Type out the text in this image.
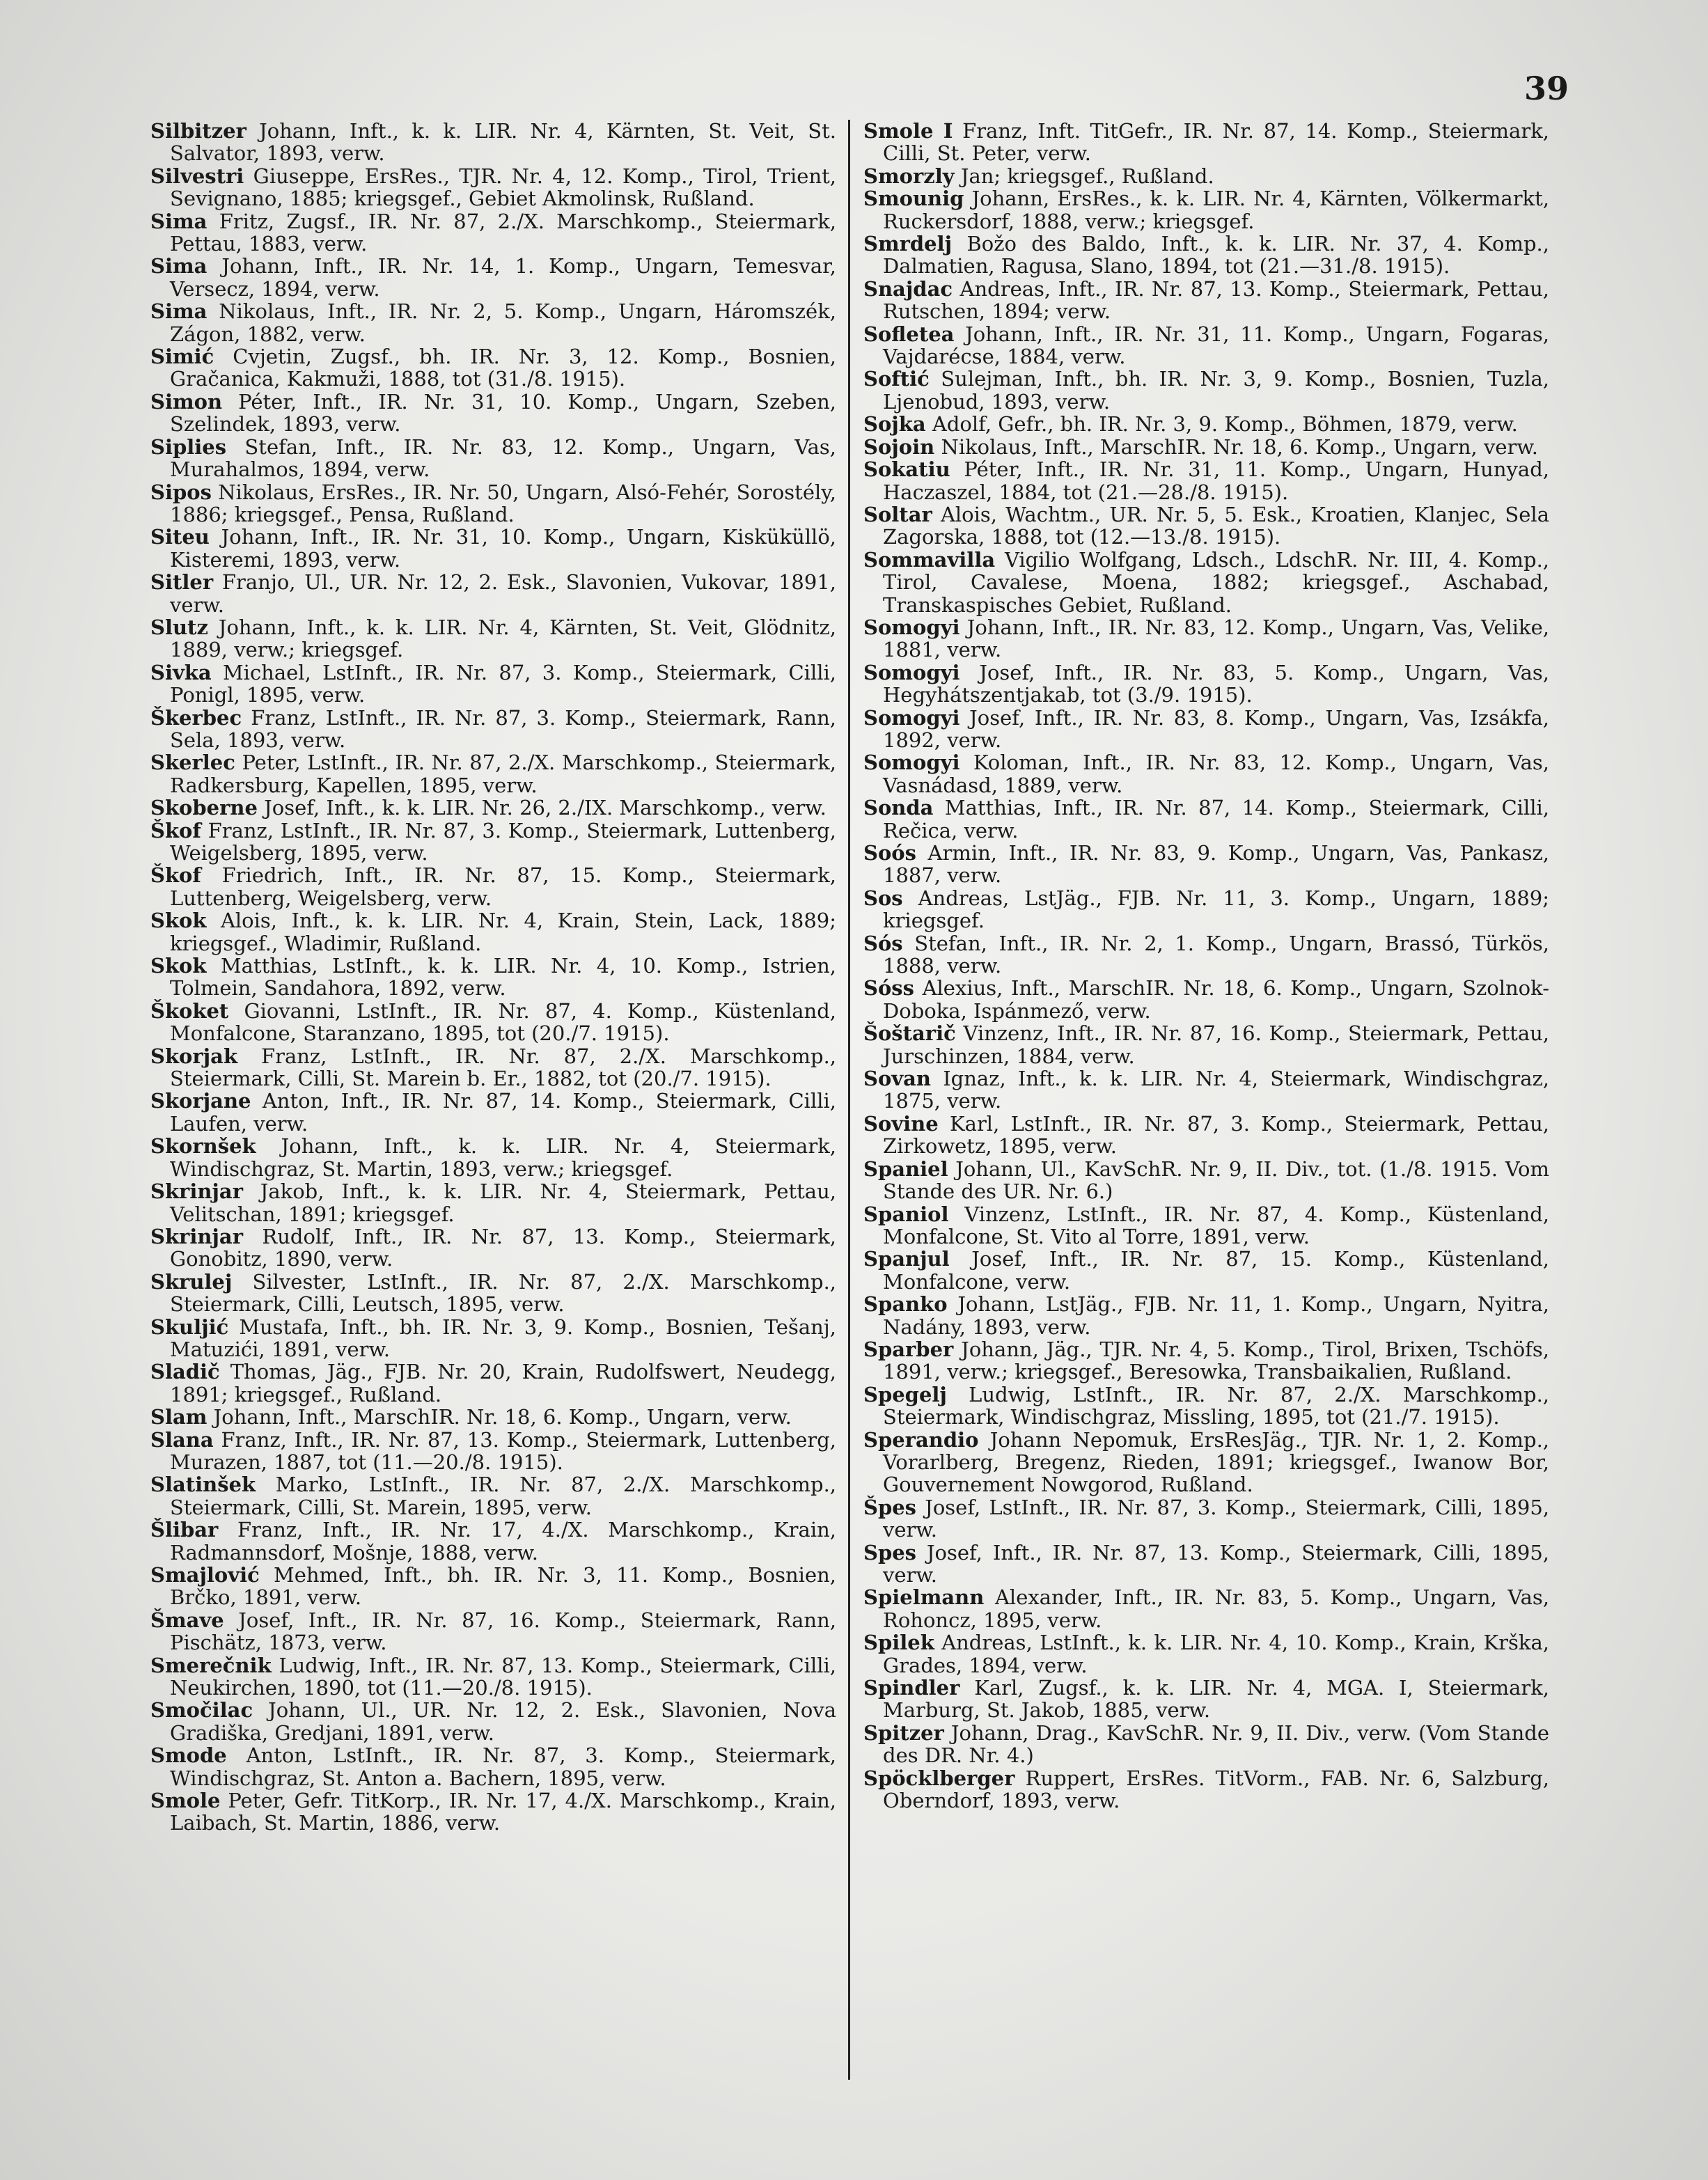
39

Silbitzer Johann, Inft., k. k. LIR. Nr. 4, Kärnten, St. Veit, St. Salvator, 1893, verw.
Silvestri Giuseppe, ErsRes., TJR. Nr. 4, 12. Komp., Tirol, Trient, Sevignano, 1885; kriegsgef., Gebiet Akmolinsk, Rußland.
Sima Fritz, Zugsf., IR. Nr. 87, 2./X. Marschkomp., Steiermark, Pettau, 1883, verw.
Sima Johann, Inft., IR. Nr. 14, 1. Komp., Ungarn, Temesvar, Versecz, 1894, verw.
Sima Nikolaus, Inft., IR. Nr. 2, 5. Komp., Ungarn, Háromszék, Zágon, 1882, verw.
Simić Cvjetin, Zugsf., bh. IR. Nr. 3, 12. Komp., Bosnien, Gračanica, Kakmuži, 1888, tot (31./8. 1915).
Simon Péter, Inft., IR. Nr. 31, 10. Komp., Ungarn, Szeben, Szelindek, 1893, verw.
Siplies Stefan, Inft., IR. Nr. 83, 12. Komp., Ungarn, Vas, Murahalmos, 1894, verw.
Sipos Nikolaus, ErsRes., IR. Nr. 50, Ungarn, Alsó-Fehér, Sorostély, 1886; kriegsgef., Pensa, Rußland.
Siteu Johann, Inft., IR. Nr. 31, 10. Komp., Ungarn, Kisküküllö, Kisteremi, 1893, verw.
Sitler Franjo, Ul., UR. Nr. 12, 2. Esk., Slavonien, Vukovar, 1891, verw.
Slutz Johann, Inft., k. k. LIR. Nr. 4, Kärnten, St. Veit, Glödnitz, 1889, verw.; kriegsgef.
Sivka Michael, LstInft., IR. Nr. 87, 3. Komp., Steiermark, Cilli, Ponigl, 1895, verw.
Škerbec Franz, LstInft., IR. Nr. 87, 3. Komp., Steiermark, Rann, Sela, 1893, verw.
Skerlec Peter, LstInft., IR. Nr. 87, 2./X. Marschkomp., Steiermark, Radkersburg, Kapellen, 1895, verw.
Skoberne Josef, Inft., k. k. LIR. Nr. 26, 2./IX. Marschkomp., verw.
Škof Franz, LstInft., IR. Nr. 87, 3. Komp., Steiermark, Luttenberg, Weigelsberg, 1895, verw.
Škof Friedrich, Inft., IR. Nr. 87, 15. Komp., Steiermark, Luttenberg, Weigelsberg, verw.
Skok Alois, Inft., k. k. LIR. Nr. 4, Krain, Stein, Lack, 1889; kriegsgef., Wladimir, Rußland.
Skok Matthias, LstInft., k. k. LIR. Nr. 4, 10. Komp., Istrien, Tolmein, Sandahora, 1892, verw.
Škoket Giovanni, LstInft., IR. Nr. 87, 4. Komp., Küstenland, Monfalcone, Staranzano, 1895, tot (20./7. 1915).
Skorjak Franz, LstInft., IR. Nr. 87, 2./X. Marschkomp., Steiermark, Cilli, St. Marein b. Er., 1882, tot (20./7. 1915).
Skorjane Anton, Inft., IR. Nr. 87, 14. Komp., Steiermark, Cilli, Laufen, verw.
Skornšek Johann, Inft., k. k. LIR. Nr. 4, Steiermark, Windischgraz, St. Martin, 1893, verw.; kriegsgef.
Skrinjar Jakob, Inft., k. k. LIR. Nr. 4, Steiermark, Pettau, Velitschan, 1891; kriegsgef.
Skrinjar Rudolf, Inft., IR. Nr. 87, 13. Komp., Steiermark, Gonobitz, 1890, verw.
Skrulej Silvester, LstInft., IR. Nr. 87, 2./X. Marschkomp., Steiermark, Cilli, Leutsch, 1895, verw.
Skuljić Mustafa, Inft., bh. IR. Nr. 3, 9. Komp., Bosnien, Tešanj, Matuzići, 1891, verw.
Sladič Thomas, Jäg., FJB. Nr. 20, Krain, Rudolfswert, Neudegg, 1891; kriegsgef., Rußland.
Slam Johann, Inft., MarschIR. Nr. 18, 6. Komp., Ungarn, verw.
Slana Franz, Inft., IR. Nr. 87, 13. Komp., Steiermark, Luttenberg, Murazen, 1887, tot (11.—20./8. 1915).
Slatinšek Marko, LstInft., IR. Nr. 87, 2./X. Marschkomp., Steiermark, Cilli, St. Marein, 1895, verw.
Šlibar Franz, Inft., IR. Nr. 17, 4./X. Marschkomp., Krain, Radmannsdorf, Mošnje, 1888, verw.
Smajlović Mehmed, Inft., bh. IR. Nr. 3, 11. Komp., Bosnien, Brčko, 1891, verw.
Šmave Josef, Inft., IR. Nr. 87, 16. Komp., Steiermark, Rann, Pischätz, 1873, verw.
Smerečnik Ludwig, Inft., IR. Nr. 87, 13. Komp., Steiermark, Cilli, Neukirchen, 1890, tot (11.—20./8. 1915).
Smočilac Johann, Ul., UR. Nr. 12, 2. Esk., Slavonien, Nova Gradiška, Gredjani, 1891, verw.
Smode Anton, LstInft., IR. Nr. 87, 3. Komp., Steiermark, Windischgraz, St. Anton a. Bachern, 1895, verw.
Smole Peter, Gefr. TitKorp., IR. Nr. 17, 4./X. Marschkomp., Krain, Laibach, St. Martin, 1886, verw.
Smole I Franz, Inft. TitGefr., IR. Nr. 87, 14. Komp., Steiermark, Cilli, St. Peter, verw.
Smorzly Jan; kriegsgef., Rußland.
Smounig Johann, ErsRes., k. k. LIR. Nr. 4, Kärnten, Völkermarkt, Ruckersdorf, 1888, verw.; kriegsgef.
Smrdelj Božo des Baldo, Inft., k. k. LIR. Nr. 37, 4. Komp., Dalmatien, Ragusa, Slano, 1894, tot (21.—31./8. 1915).
Snajdac Andreas, Inft., IR. Nr. 87, 13. Komp., Steiermark, Pettau, Rutschen, 1894; verw.
Sofletea Johann, Inft., IR. Nr. 31, 11. Komp., Ungarn, Fogaras, Vajdarécse, 1884, verw.
Softić Sulejman, Inft., bh. IR. Nr. 3, 9. Komp., Bosnien, Tuzla, Ljenobud, 1893, verw.
Sojka Adolf, Gefr., bh. IR. Nr. 3, 9. Komp., Böhmen, 1879, verw.
Sojoin Nikolaus, Inft., MarschIR. Nr. 18, 6. Komp., Ungarn, verw.
Sokatiu Péter, Inft., IR. Nr. 31, 11. Komp., Ungarn, Hunyad, Haczaszel, 1884, tot (21.—28./8. 1915).
Soltar Alois, Wachtm., UR. Nr. 5, 5. Esk., Kroatien, Klanjec, Sela Zagorska, 1888, tot (12.—13./8. 1915).
Sommavilla Vigilio Wolfgang, Ldsch., LdschR. Nr. III, 4. Komp., Tirol, Cavalese, Moena, 1882; kriegsgef., Aschabad, Transkaspisches Gebiet, Rußland.
Somogyi Johann, Inft., IR. Nr. 83, 12. Komp., Ungarn, Vas, Velike, 1881, verw.
Somogyi Josef, Inft., IR. Nr. 83, 5. Komp., Ungarn, Vas, Hegyhátszentjakab, tot (3./9. 1915).
Somogyi Josef, Inft., IR. Nr. 83, 8. Komp., Ungarn, Vas, Izsákfa, 1892, verw.
Somogyi Koloman, Inft., IR. Nr. 83, 12. Komp., Ungarn, Vas, Vasnádasd, 1889, verw.
Sonda Matthias, Inft., IR. Nr. 87, 14. Komp., Steiermark, Cilli, Rečica, verw.
Soós Armin, Inft., IR. Nr. 83, 9. Komp., Ungarn, Vas, Pankasz, 1887, verw.
Sos Andreas, LstJäg., FJB. Nr. 11, 3. Komp., Ungarn, 1889; kriegsgef.
Sós Stefan, Inft., IR. Nr. 2, 1. Komp., Ungarn, Brassó, Türkös, 1888, verw.
Sóss Alexius, Inft., MarschIR. Nr. 18, 6. Komp., Ungarn, Szolnok-Doboka, Ispánmező, verw.
Šoštarič Vinzenz, Inft., IR. Nr. 87, 16. Komp., Steiermark, Pettau, Jurschinzen, 1884, verw.
Sovan Ignaz, Inft., k. k. LIR. Nr. 4, Steiermark, Windischgraz, 1875, verw.
Sovine Karl, LstInft., IR. Nr. 87, 3. Komp., Steiermark, Pettau, Zirkowetz, 1895, verw.
Spaniel Johann, Ul., KavSchR. Nr. 9, II. Div., tot. (1./8. 1915. Vom Stande des UR. Nr. 6.)
Spaniol Vinzenz, LstInft., IR. Nr. 87, 4. Komp., Küstenland, Monfalcone, St. Vito al Torre, 1891, verw.
Spanjul Josef, Inft., IR. Nr. 87, 15. Komp., Küstenland, Monfalcone, verw.
Spanko Johann, LstJäg., FJB. Nr. 11, 1. Komp., Ungarn, Nyitra, Nadány, 1893, verw.
Sparber Johann, Jäg., TJR. Nr. 4, 5. Komp., Tirol, Brixen, Tschöfs, 1891, verw.; kriegsgef., Beresowka, Transbaikalien, Rußland.
Spegelj Ludwig, LstInft., IR. Nr. 87, 2./X. Marschkomp., Steiermark, Windischgraz, Missling, 1895, tot (21./7. 1915).
Sperandio Johann Nepomuk, ErsResJäg., TJR. Nr. 1, 2. Komp., Vorarlberg, Bregenz, Rieden, 1891; kriegsgef., Iwanow Bor, Gouvernement Nowgorod, Rußland.
Špes Josef, LstInft., IR. Nr. 87, 3. Komp., Steiermark, Cilli, 1895, verw.
Spes Josef, Inft., IR. Nr. 87, 13. Komp., Steiermark, Cilli, 1895, verw.
Spielmann Alexander, Inft., IR. Nr. 83, 5. Komp., Ungarn, Vas, Rohoncz, 1895, verw.
Spilek Andreas, LstInft., k. k. LIR. Nr. 4, 10. Komp., Krain, Krška, Grades, 1894, verw.
Spindler Karl, Zugsf., k. k. LIR. Nr. 4, MGA. I, Steiermark, Marburg, St. Jakob, 1885, verw.
Spitzer Johann, Drag., KavSchR. Nr. 9, II. Div., verw. (Vom Stande des DR. Nr. 4.)
Spöcklberger Ruppert, ErsRes. TitVorm., FAB. Nr. 6, Salzburg, Oberndorf, 1893, verw.
